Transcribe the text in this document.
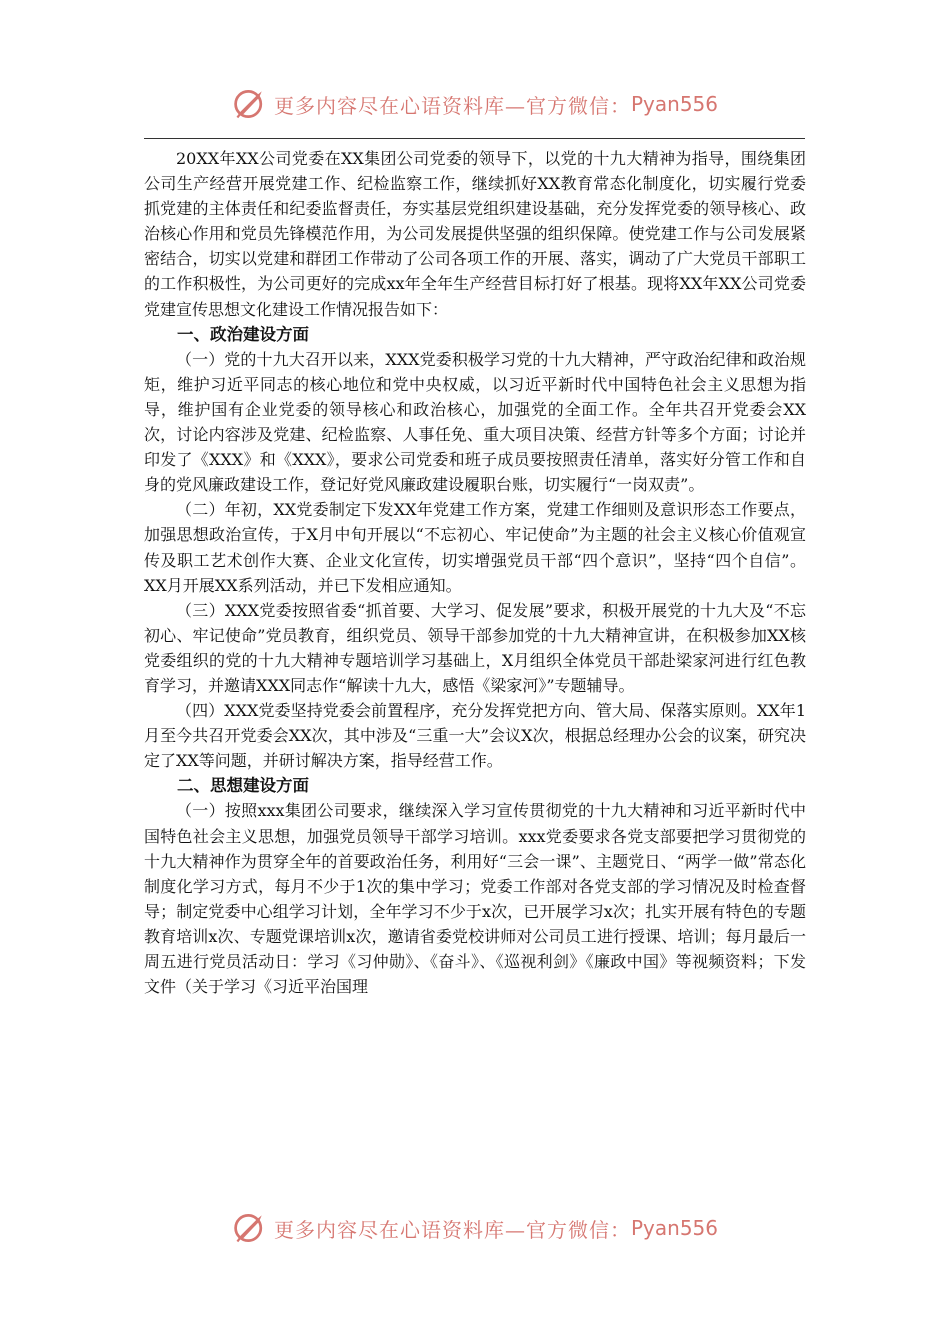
更多内容尽在心语资料库—官方微信： Pyan556

20XX年XX公司党委在XX集团公司党委的领导下，以党的十九大精神为指导，围绕集团公司生产经营开展党建工作、纪检监察工作，继续抓好XX教育常态化制度化，切实履行党委抓党建的主体责任和纪委监督责任，夯实基层党组织建设基础，充分发挥党委的领导核心、政治核心作用和党员先锋模范作用，为公司发展提供坚强的组织保障。使党建工作与公司发展紧密结合，切实以党建和群团工作带动了公司各项工作的开展、落实，调动了广大党员干部职工的工作积极性，为公司更好的完成xx年全年生产经营目标打好了根基。现将XX年XX公司党委党建宣传思想文化建设工作情况报告如下：

一、政治建设方面

（一）党的十九大召开以来，XXX党委积极学习党的十九大精神，严守政治纪律和政治规矩，维护习近平同志的核心地位和党中央权威，以习近平新时代中国特色社会主义思想为指导，维护国有企业党委的领导核心和政治核心，加强党的全面工作。全年共召开党委会XX次，讨论内容涉及党建、纪检监察、人事任免、重大项目决策、经营方针等多个方面；讨论并印发了《XXX》和《XXX》，要求公司党委和班子成员要按照责任清单，落实好分管工作和自身的党风廉政建设工作，登记好党风廉政建设履职台账，切实履行“一岗双责”。

（二）年初，XX党委制定下发XX年党建工作方案，党建工作细则及意识形态工作要点，加强思想政治宣传，于X月中旬开展以“不忘初心、牢记使命”为主题的社会主义核心价值观宣传及职工艺术创作大赛、企业文化宣传，切实增强党员干部“四个意识”，坚持“四个自信”。XX月开展XX系列活动，并已下发相应通知。

（三）XXX党委按照省委“抓首要、大学习、促发展”要求，积极开展党的十九大及“不忘初心、牢记使命”党员教育，组织党员、领导干部参加党的十九大精神宣讲，在积极参加XX核党委组织的党的十九大精神专题培训学习基础上，X月组织全体党员干部赴梁家河进行红色教育学习，并邀请XXX同志作“解读十九大，感悟《梁家河》”专题辅导。

（四）XXX党委坚持党委会前置程序，充分发挥党把方向、管大局、保落实原则。XX年1月至今共召开党委会XX次，其中涉及“三重一大”会议X次，根据总经理办公会的议案，研究决定了XX等问题，并研讨解决方案，指导经营工作。

二、思想建设方面

（一）按照xxx集团公司要求，继续深入学习宣传贯彻党的十九大精神和习近平新时代中国特色社会主义思想，加强党员领导干部学习培训。xxx党委要求各党支部要把学习贯彻党的十九大精神作为贯穿全年的首要政治任务，利用好“三会一课”、主题党日、“两学一做”常态化制度化学习方式，每月不少于1次的集中学习；党委工作部对各党支部的学习情况及时检查督导；制定党委中心组学习计划，全年学习不少于x次，已开展学习x次；扎实开展有特色的专题教育培训x次、专题党课培训x次，邀请省委党校讲师对公司员工进行授课、培训；每月最后一周五进行党员活动日：学习《习仲勋》、《奋斗》、《巡视利剑》《廉政中国》等视频资料；下发文件（关于学习《习近平治国理

更多内容尽在心语资料库—官方微信： Pyan556
